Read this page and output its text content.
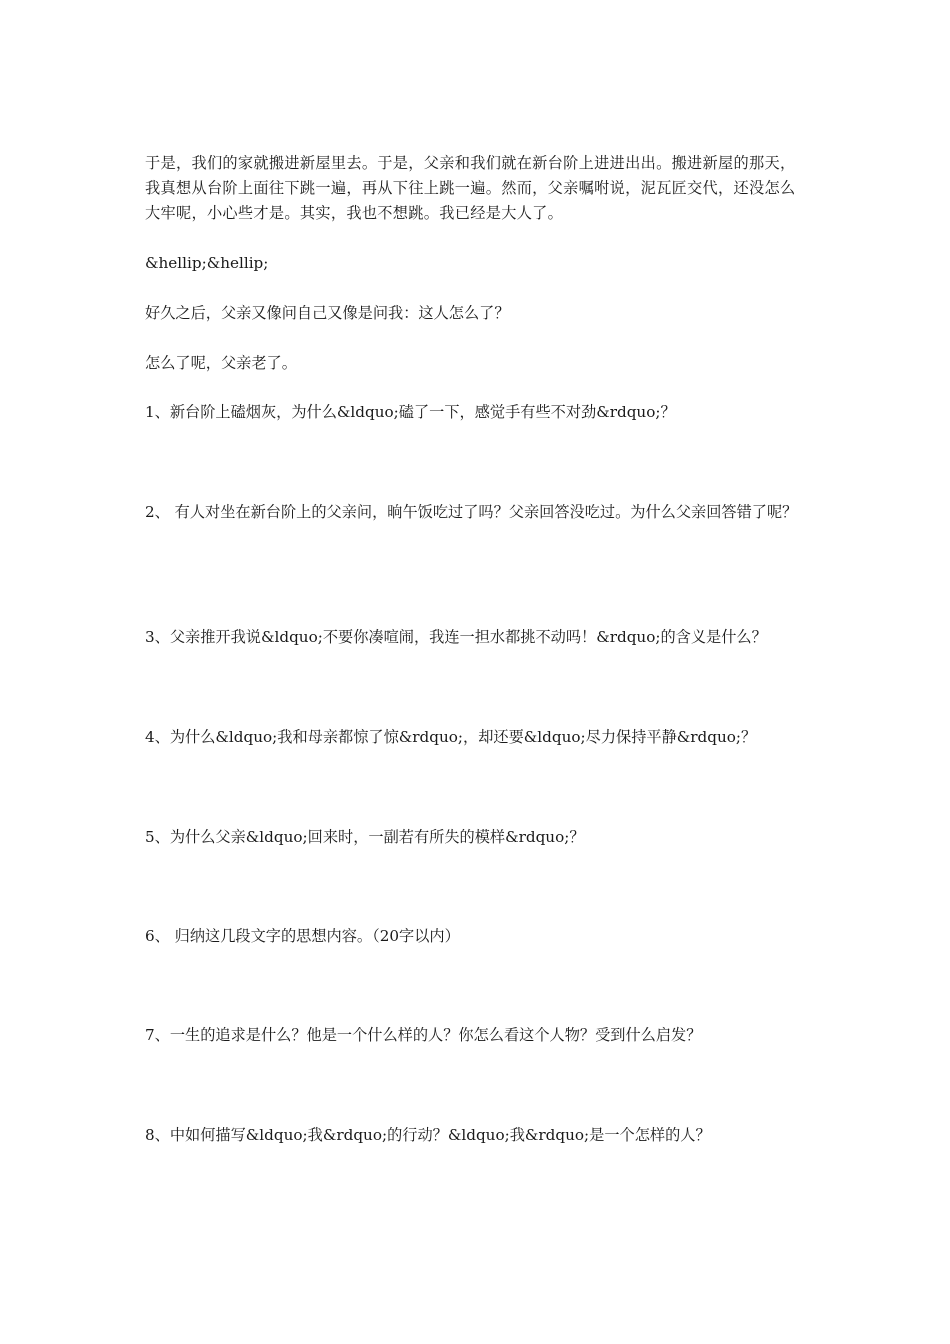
于是，我们的家就搬进新屋里去。于是，父亲和我们就在新台阶上进进出出。搬进新屋的那天，我真想从台阶上面往下跳一遍，再从下往上跳一遍。然而，父亲嘱咐说，泥瓦匠交代，还没怎么大牢呢，小心些才是。其实，我也不想跳。我已经是大人了。

&hellip;&hellip;

好久之后，父亲又像问自己又像是问我：这人怎么了？

怎么了呢，父亲老了。

1、新台阶上磕烟灰，为什么&ldquo;磕了一下，感觉手有些不对劲&rdquo;？

2、 有人对坐在新台阶上的父亲问，晌午饭吃过了吗？父亲回答没吃过。为什么父亲回答错了呢？

3、父亲推开我说&ldquo;不要你凑喧闹，我连一担水都挑不动吗！&rdquo;的含义是什么？

4、为什么&ldquo;我和母亲都惊了惊&rdquo;，却还要&ldquo;尽力保持平静&rdquo;？

5、为什么父亲&ldquo;回来时，一副若有所失的模样&rdquo;？

6、 归纳这几段文字的思想内容。（20字以内）

7、一生的追求是什么？他是一个什么样的人？你怎么看这个人物？受到什么启发？

8、中如何描写&ldquo;我&rdquo;的行动？&ldquo;我&rdquo;是一个怎样的人？
